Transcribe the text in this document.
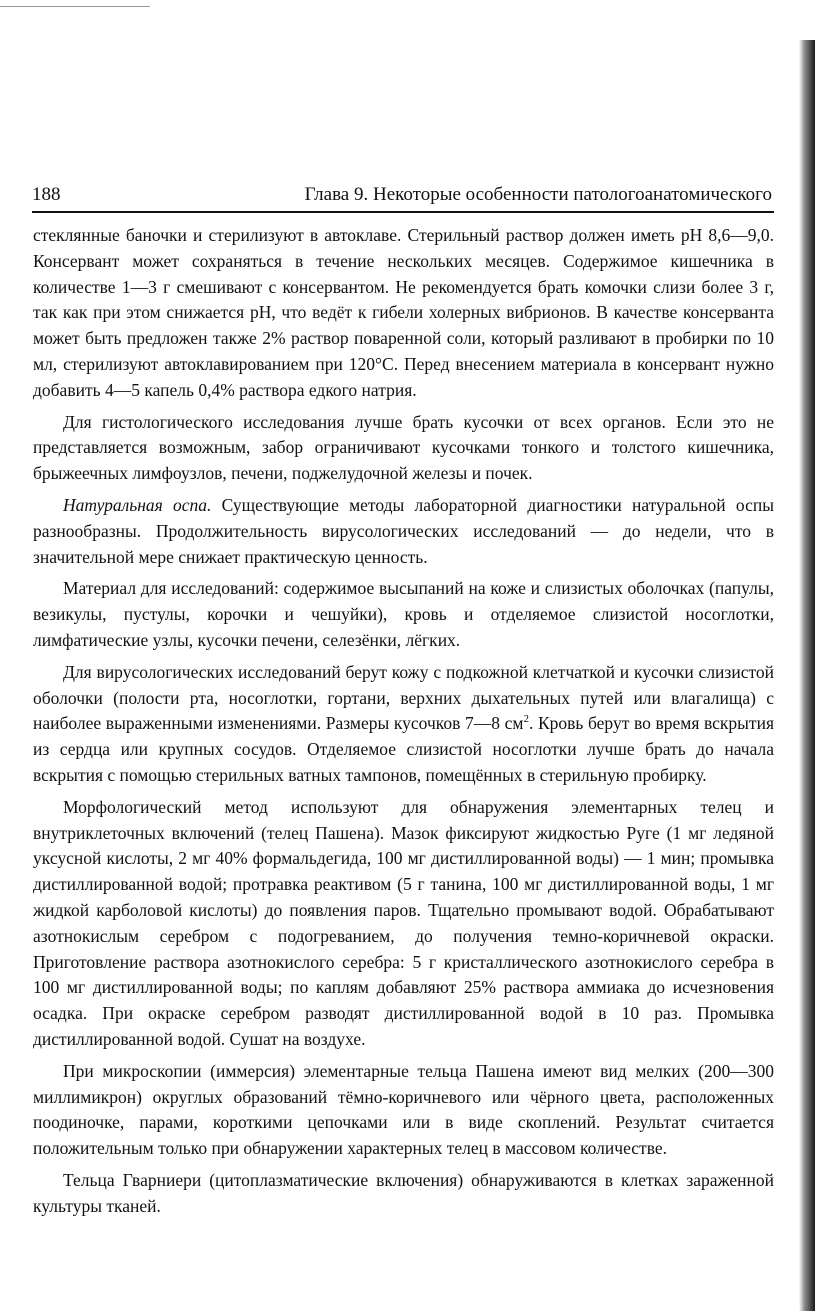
188	Глава 9. Некоторые особенности патологоанатомического

стеклянные баночки и стерилизуют в автоклаве. Стерильный раствор должен иметь pH 8,6—9,0. Консервант может сохраняться в течение нескольких месяцев. Содержимое кишечника в количестве 1—3 г смешивают с консервантом. Не рекомендуется брать комочки слизи более 3 г, так как при этом снижается pH, что ведёт к гибели холерных вибрионов. В качестве консерванта может быть предложен также 2% раствор поваренной соли, который разливают в пробирки по 10 мл, стерилизуют автоклавированием при 120°С. Перед внесением материала в консервант нужно добавить 4—5 капель 0,4% раствора едкого натрия.

Для гистологического исследования лучше брать кусочки от всех органов. Если это не представляется возможным, забор ограничивают кусочками тонкого и толстого кишечника, брыжеечных лимфоузлов, печени, поджелудочной железы и почек.

Натуральная оспа. Существующие методы лабораторной диагностики натуральной оспы разнообразны. Продолжительность вирусологических исследований — до недели, что в значительной мере снижает практическую ценность.

Материал для исследований: содержимое высыпаний на коже и слизистых оболочках (папулы, везикулы, пустулы, корочки и чешуйки), кровь и отделяемое слизистой носоглотки, лимфатические узлы, кусочки печени, селезёнки, лёгких.

Для вирусологических исследований берут кожу с подкожной клетчаткой и кусочки слизистой оболочки (полости рта, носоглотки, гортани, верхних дыхательных путей или влагалища) с наиболее выраженными изменениями. Размеры кусочков 7—8 $см^2$. Кровь берут во время вскрытия из сердца или крупных сосудов. Отделяемое слизистой носоглотки лучше брать до начала вскрытия с помощью стерильных ватных тампонов, помещённых в стерильную пробирку.

Морфологический метод используют для обнаружения элементарных телец и внутриклеточных включений (телец Пашена). Мазок фиксируют жидкостью Руге (1 мг ледяной уксусной кислоты, 2 мг 40% формальдегида, 100 мг дистиллированной воды) — 1 мин; промывка дистиллированной водой; протравка реактивом (5 г танина, 100 мг дистиллированной воды, 1 мг жидкой карболовой кислоты) до появления паров. Тщательно промывают водой. Обрабатывают азотнокислым серебром с подогреванием, до получения темно-коричневой окраски. Приготовление раствора азотнокислого серебра: 5 г кристаллического азотнокислого серебра в 100 мг дистиллированной воды; по каплям добавляют 25% раствора аммиака до исчезновения осадка. При окраске серебром разводят дистиллированной водой в 10 раз. Промывка дистиллированной водой. Сушат на воздухе.

При микроскопии (иммерсия) элементарные тельца Пашена имеют вид мелких (200—300 миллимикрон) округлых образований тёмно-коричневого или чёрного цвета, расположенных поодиночке, парами, короткими цепочками или в виде скоплений. Результат считается положительным только при обнаружении характерных телец в массовом количестве.

Тельца Гварниери (цитоплазматические включения) обнаруживаются в клетках зараженной культуры тканей.
